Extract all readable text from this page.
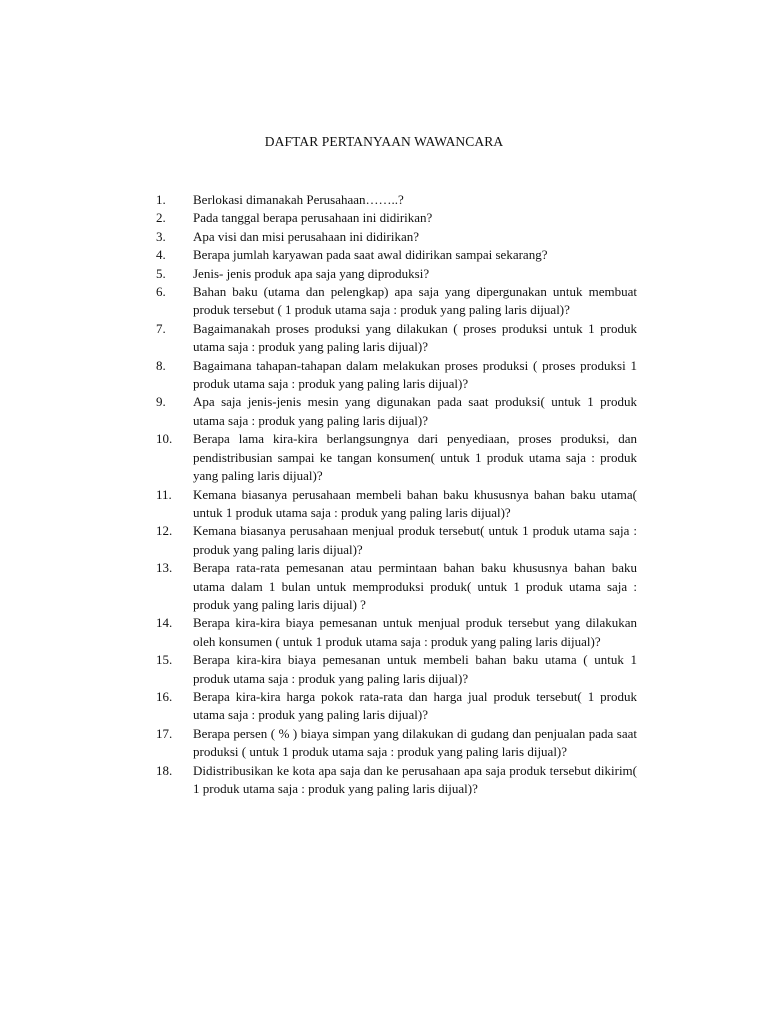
DAFTAR PERTANYAAN WAWANCARA
1.	Berlokasi dimanakah Perusahaan……..?
2.	Pada tanggal berapa perusahaan ini didirikan?
3.	Apa visi dan misi perusahaan ini didirikan?
4.	Berapa jumlah karyawan pada saat awal didirikan sampai sekarang?
5.	Jenis- jenis produk apa saja yang diproduksi?
6.	Bahan baku (utama dan pelengkap) apa saja yang dipergunakan untuk membuat produk tersebut ( 1 produk utama saja : produk yang paling laris dijual)?
7.	Bagaimanakah proses produksi yang dilakukan ( proses produksi untuk 1 produk utama saja : produk yang paling laris dijual)?
8.	Bagaimana tahapan-tahapan dalam melakukan proses produksi ( proses produksi 1 produk utama saja : produk yang paling laris dijual)?
9.	Apa saja jenis-jenis mesin yang digunakan pada saat produksi( untuk 1 produk utama saja : produk yang paling laris dijual)?
10.	Berapa lama kira-kira berlangsungnya dari penyediaan, proses produksi, dan pendistribusian sampai ke tangan konsumen( untuk 1 produk utama saja : produk yang paling laris dijual)?
11.	Kemana biasanya perusahaan membeli bahan baku khususnya bahan baku utama( untuk 1 produk utama saja : produk yang paling laris dijual)?
12.	Kemana biasanya perusahaan menjual produk tersebut( untuk 1 produk utama saja : produk yang paling laris dijual)?
13.	Berapa rata-rata pemesanan atau permintaan bahan baku khususnya bahan baku utama dalam 1 bulan untuk memproduksi produk( untuk 1 produk utama saja : produk yang paling laris dijual) ?
14.	Berapa kira-kira biaya pemesanan untuk menjual produk tersebut yang dilakukan oleh konsumen ( untuk 1 produk utama saja : produk yang paling laris dijual)?
15.	Berapa kira-kira biaya pemesanan untuk membeli bahan baku utama ( untuk 1 produk utama saja : produk yang paling laris dijual)?
16.	Berapa kira-kira harga pokok rata-rata dan harga jual produk tersebut( 1 produk utama saja : produk yang paling laris dijual)?
17.	Berapa persen ( % ) biaya simpan yang dilakukan di gudang dan penjualan pada saat produksi ( untuk 1 produk utama saja : produk yang paling laris dijual)?
18.	Didistribusikan ke kota apa saja dan ke perusahaan apa saja produk tersebut dikirim( 1 produk utama saja : produk yang paling laris dijual)?
